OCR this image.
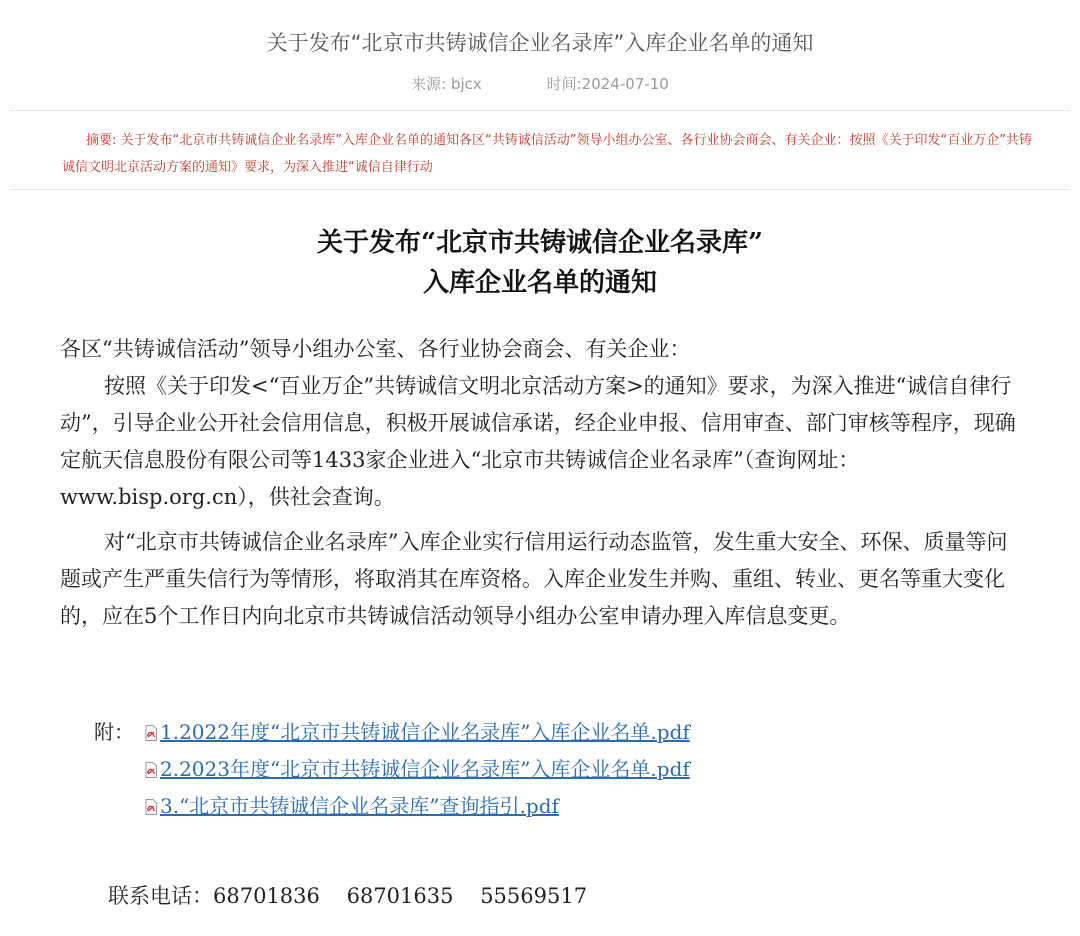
关于发布“北京市共铸诚信企业名录库”入库企业名单的通知
来源: bjcx	时间:2024-07-10
摘要: 关于发布“北京市共铸诚信企业名录库”入库企业名单的通知各区“共铸诚信活动”领导小组办公室、各行业协会商会、有关企业：按照《关于印发“百业万企”共铸诚信文明北京活动方案的通知》要求，为深入推进“诚信自律行动
关于发布“北京市共铸诚信企业名录库”
入库企业名单的通知
各区“共铸诚信活动”领导小组办公室、各行业协会商会、有关企业：
按照《关于印发<“百业万企”共铸诚信文明北京活动方案>的通知》要求，为深入推进“诚信自律行动”，引导企业公开社会信用信息，积极开展诚信承诺，经企业申报、信用审查、部门审核等程序，现确定航天信息股份有限公司等1433家企业进入“北京市共铸诚信企业名录库”（查询网址：www.bisp.org.cn），供社会查询。
对“北京市共铸诚信企业名录库”入库企业实行信用运行动态监管，发生重大安全、环保、质量等问题或产生严重失信行为等情形，将取消其在库资格。入库企业发生并购、重组、转业、更名等重大变化的，应在5个工作日内向北京市共铸诚信活动领导小组办公室申请办理入库信息变更。
附：	1.2022年度“北京市共铸诚信企业名录库”入库企业名单.pdf
2.2023年度“北京市共铸诚信企业名录库”入库企业名单.pdf
3.“北京市共铸诚信企业名录库”查询指引.pdf
联系电话：68701836 68701635 55569517
